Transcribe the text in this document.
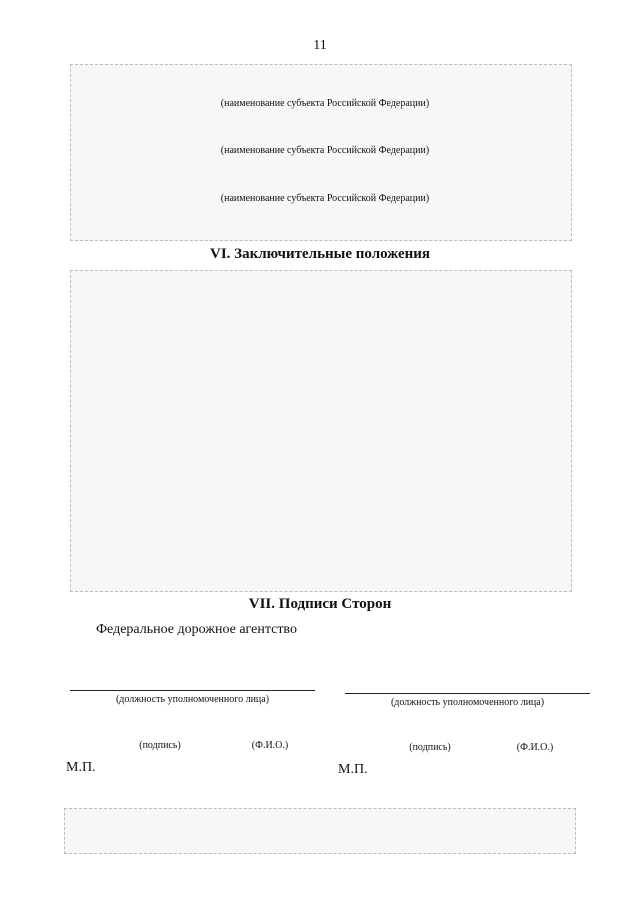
11
(наименование субъекта Российской Федерации)
(наименование субъекта Российской Федерации)
(наименование субъекта Российской Федерации)
VI. Заключительные положения
VII. Подписи Сторон
Федеральное дорожное агентство
(должность уполномоченного лица)	(должность уполномоченного лица)
(подпись)	(Ф.И.О.)	(подпись)	(Ф.И.О.)
М.П.	М.П.
